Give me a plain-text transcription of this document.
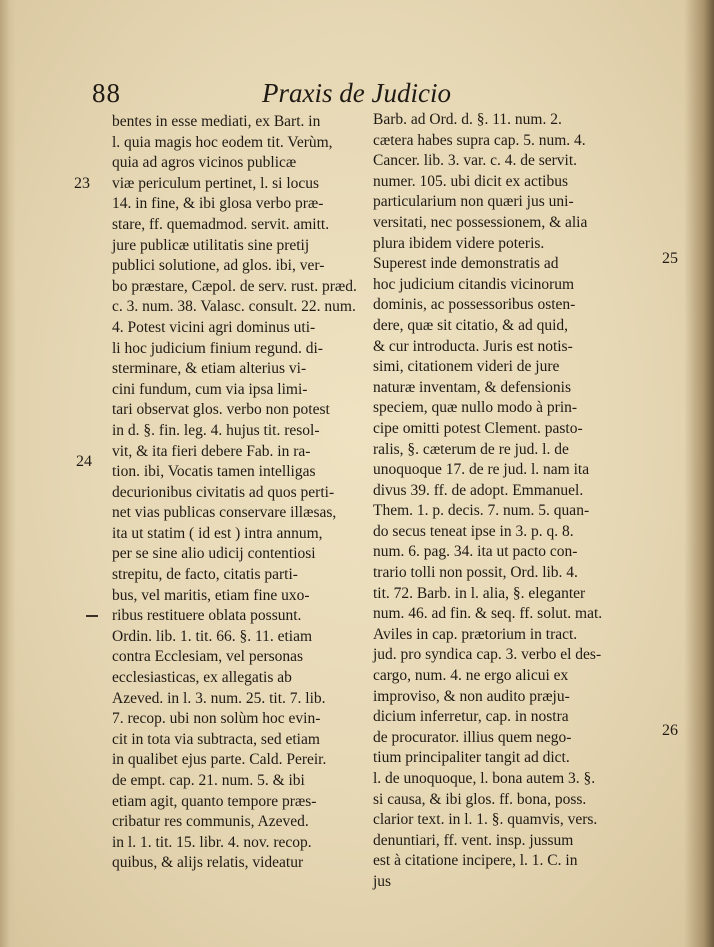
88	Praxis de Judicio
23
24
25
26
bentes in esse mediati, ex Bart. in
l. quia magis hoc eodem tit. Verùm,
quia ad agros vicinos publicæ
viæ periculum pertinet, l. si locus
14. in fine, & ibi glosa verbo præ-
stare, ff. quemadmod. servit. amitt.
jure publicæ utilitatis sine pretij
publici solutione, ad glos. ibi, ver-
bo præstare, Cæpol. de serv. rust. præd.
c. 3. num. 38. Valasc. consult. 22. num.
4. Potest vicini agri dominus uti-
li hoc judicium finium regund. di-
sterminare, & etiam alterius vi-
cini fundum, cum via ipsa limi-
tari observat glos. verbo non potest
in d. §. fin. leg. 4. hujus tit. resol-
vit, & ita fieri debere Fab. in ra-
tion. ibi, Vocatis tamen intelligas
decurionibus civitatis ad quos perti-
net vias publicas conservare illæsas,
ita ut statim ( id est ) intra annum,
per se sine alio udicij contentiosi
strepitu, de facto, citatis parti-
bus, vel maritis, etiam fine uxo-
ribus restituere oblata possunt.
Ordin. lib. 1. tit. 66. §. 11. etiam
contra Ecclesiam, vel personas
ecclesiasticas, ex allegatis ab
Azeved. in l. 3. num. 25. tit. 7. lib.
7. recop. ubi non solùm hoc evin-
cit in tota via subtracta, sed etiam
in qualibet ejus parte. Cald. Pereir.
de empt. cap. 21. num. 5. & ibi
etiam agit, quanto tempore præs-
cribatur res communis, Azeved.
in l. 1. tit. 15. libr. 4. nov. recop.
quibus, & alijs relatis, videatur
Barb. ad Ord. d. §. 11. num. 2.
cætera habes supra cap. 5. num. 4.
Cancer. lib. 3. var. c. 4. de servit.
numer. 105. ubi dicit ex actibus
particularium non quæri jus uni-
versitati, nec possessionem, & alia
plura ibidem videre poteris.
Superest inde demonstratis ad
hoc judicium citandis vicinorum
dominis, ac possessoribus osten-
dere, quæ sit citatio, & ad quid,
& cur introducta. Juris est notis-
simi, citationem videri de jure
naturæ inventam, & defensionis
speciem, quæ nullo modo à prin-
cipe omitti potest Clement. pasto-
ralis, §. cæterum de re jud. l. de
unoquoque 17. de re jud. l. nam ita
divus 39. ff. de adopt. Emmanuel.
Them. 1. p. decis. 7. num. 5. quan-
do secus teneat ipse in 3. p. q. 8.
num. 6. pag. 34. ita ut pacto con-
trario tolli non possit, Ord. lib. 4.
tit. 72. Barb. in l. alia, §. eleganter
num. 46. ad fin. & seq. ff. solut. mat.
Aviles in cap. prætorium in tract.
jud. pro syndica cap. 3. verbo el des-
cargo, num. 4. ne ergo alicui ex
improviso, & non audito præju-
dicium inferretur, cap. in nostra
de procurator. illius quem nego-
tium principaliter tangit ad dict.
l. de unoquoque, l. bona autem 3. §.
si causa, & ibi glos. ff. bona, poss.
clarior text. in l. 1. §. quamvis, vers.
denuntiari, ff. vent. insp. jussum
est à citatione incipere, l. 1. C. in
jus
